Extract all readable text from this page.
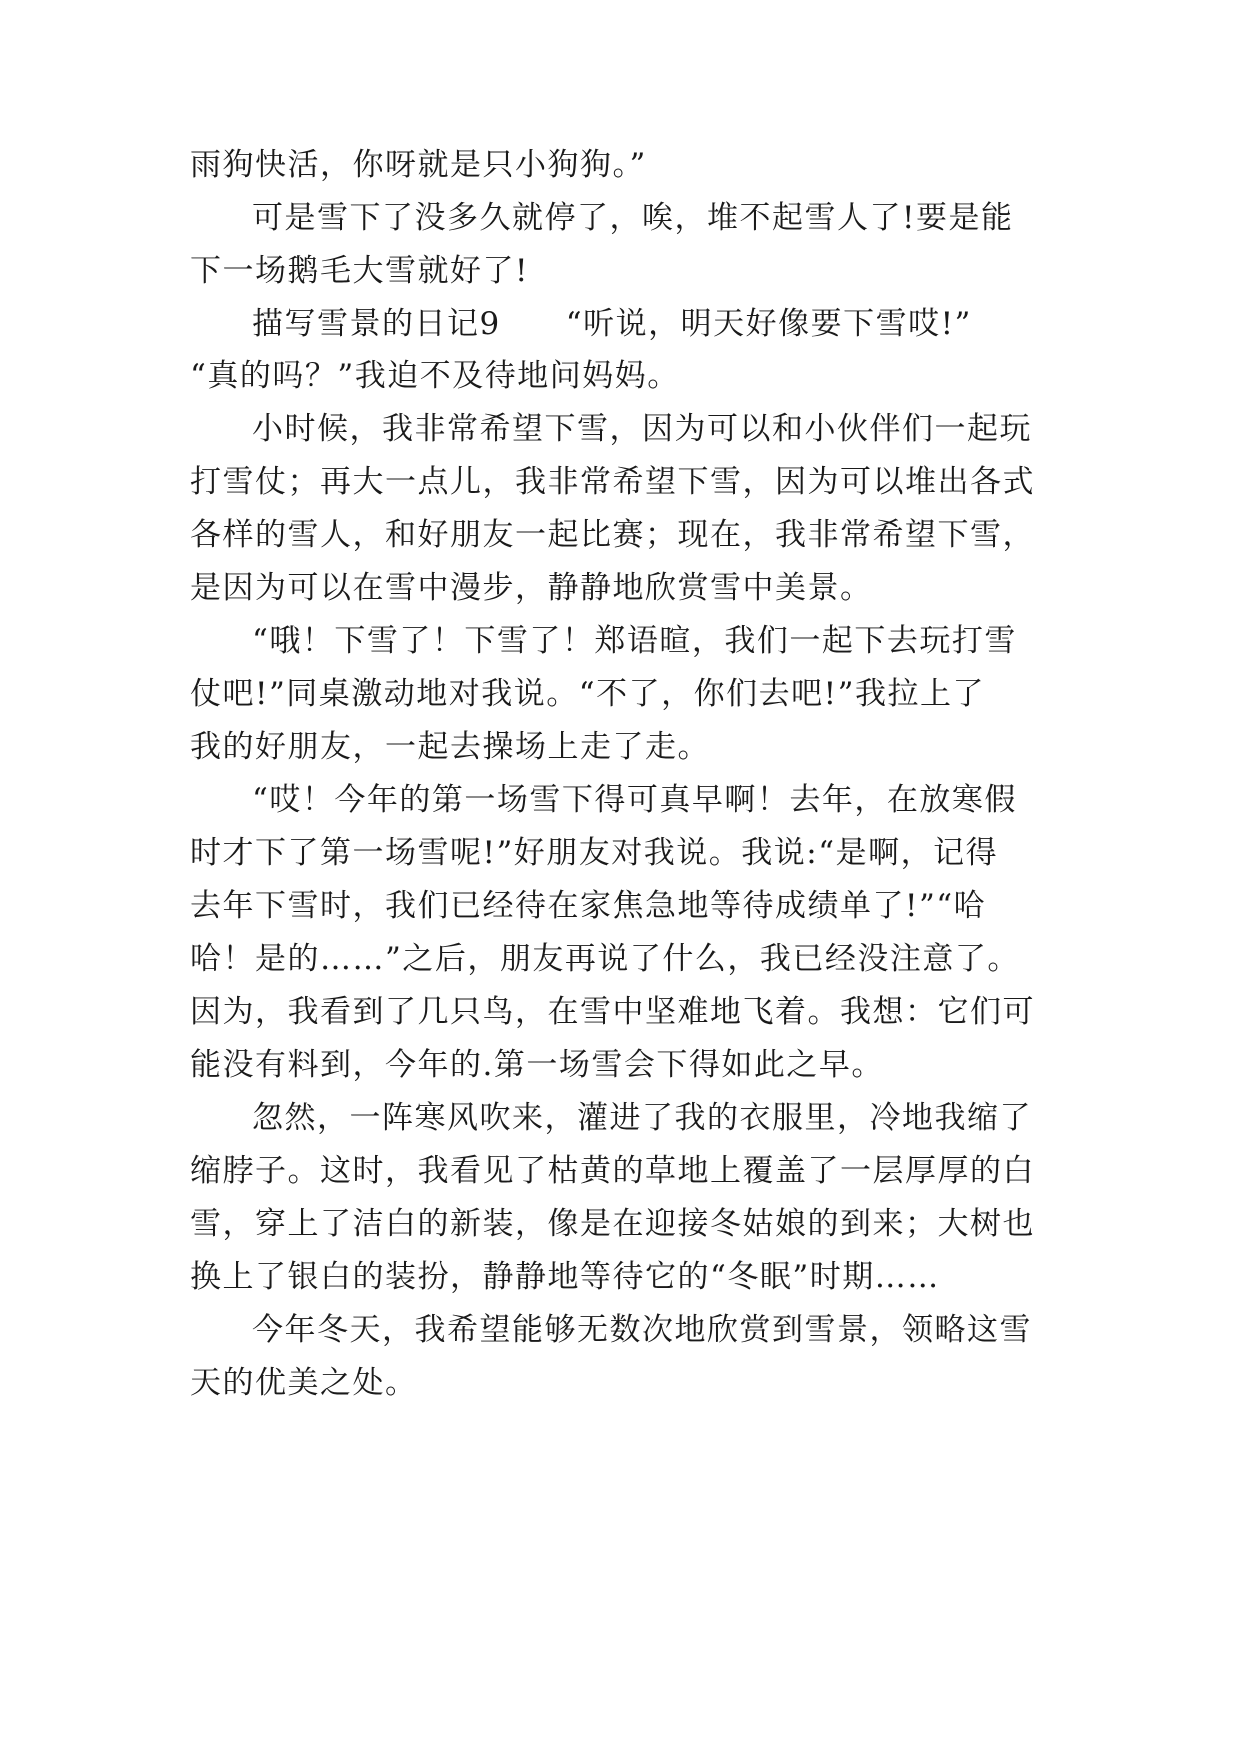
雨狗快活，你呀就是只小狗狗。”
可是雪下了没多久就停了，唉，堆不起雪人了!要是能
下一场鹅毛大雪就好了!
描写雪景的日记9　　“听说，明天好像要下雪哎!”
“真的吗？”我迫不及待地问妈妈。
小时候，我非常希望下雪，因为可以和小伙伴们一起玩
打雪仗；再大一点儿，我非常希望下雪，因为可以堆出各式
各样的雪人，和好朋友一起比赛；现在，我非常希望下雪，
是因为可以在雪中漫步，静静地欣赏雪中美景。
“哦！下雪了！下雪了！郑语暄，我们一起下去玩打雪
仗吧!”同桌激动地对我说。“不了，你们去吧!”我拉上了
我的好朋友，一起去操场上走了走。
“哎！今年的第一场雪下得可真早啊！去年，在放寒假
时才下了第一场雪呢!”好朋友对我说。我说:“是啊，记得
去年下雪时，我们已经待在家焦急地等待成绩单了!”“哈
哈！是的……”之后，朋友再说了什么，我已经没注意了。
因为，我看到了几只鸟，在雪中坚难地飞着。我想：它们可
能没有料到，今年的.第一场雪会下得如此之早。
忽然，一阵寒风吹来，灌进了我的衣服里，冷地我缩了
缩脖子。这时，我看见了枯黄的草地上覆盖了一层厚厚的白
雪，穿上了洁白的新装，像是在迎接冬姑娘的到来；大树也
换上了银白的装扮，静静地等待它的“冬眠”时期……
今年冬天，我希望能够无数次地欣赏到雪景，领略这雪
天的优美之处。
